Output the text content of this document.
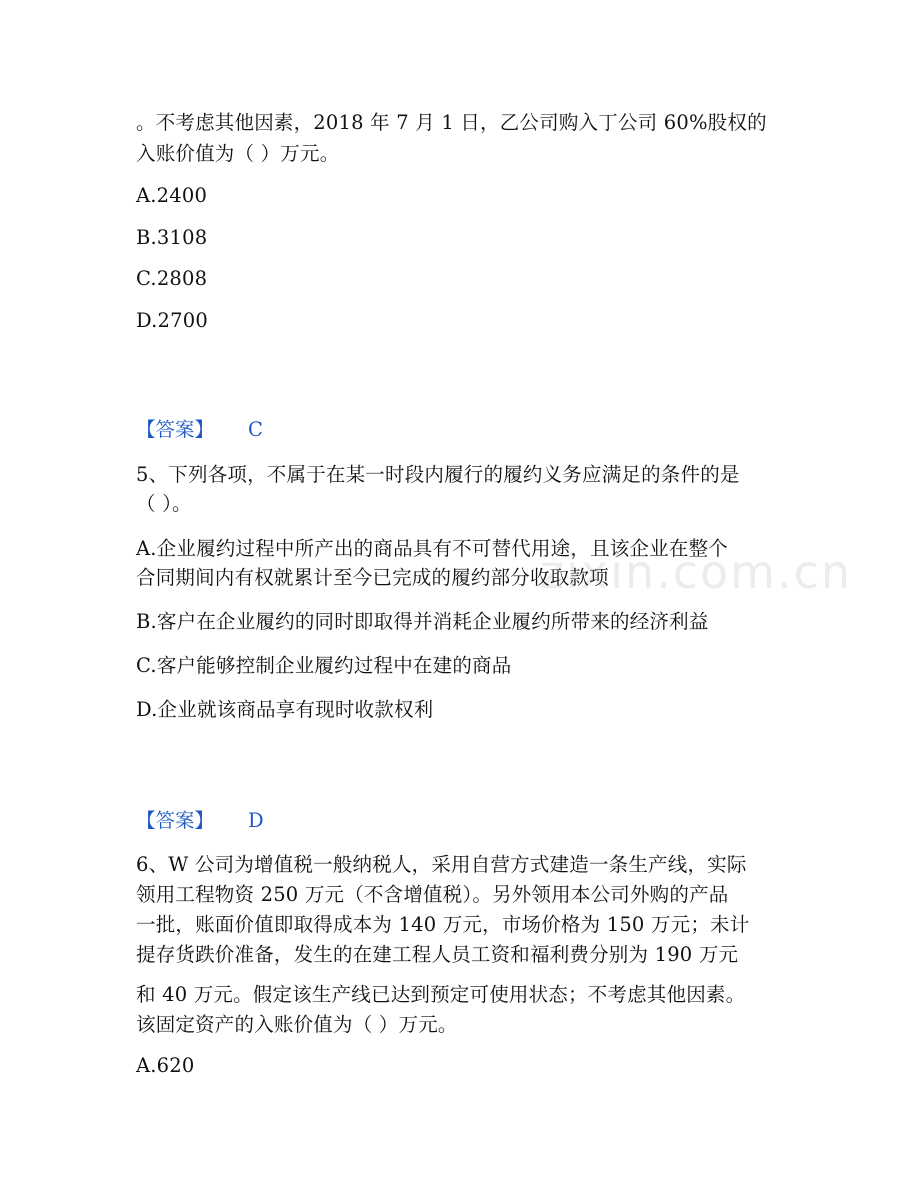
。不考虑其他因素，2018 年 7 月 1 日，乙公司购入丁公司 60%股权的
入账价值为（ ）万元。
A.2400
B.3108
C.2808
D.2700
【答案】 C
5、下列各项，不属于在某一时段内履行的履约义务应满足的条件的是
（ ）。
A.企业履约过程中所产出的商品具有不可替代用途，且该企业在整个
合同期间内有权就累计至今已完成的履约部分收取款项
B.客户在企业履约的同时即取得并消耗企业履约所带来的经济利益
C.客户能够控制企业履约过程中在建的商品
D.企业就该商品享有现时收款权利
【答案】 D
6、W 公司为增值税一般纳税人，采用自营方式建造一条生产线，实际
领用工程物资 250 万元（不含增值税）。另外领用本公司外购的产品
一批，账面价值即取得成本为 140 万元，市场价格为 150 万元；未计
提存货跌价准备，发生的在建工程人员工资和福利费分别为 190 万元
和 40 万元。假定该生产线已达到预定可使用状态；不考虑其他因素。
该固定资产的入账价值为（ ）万元。
A.620
zixin.com.cn
